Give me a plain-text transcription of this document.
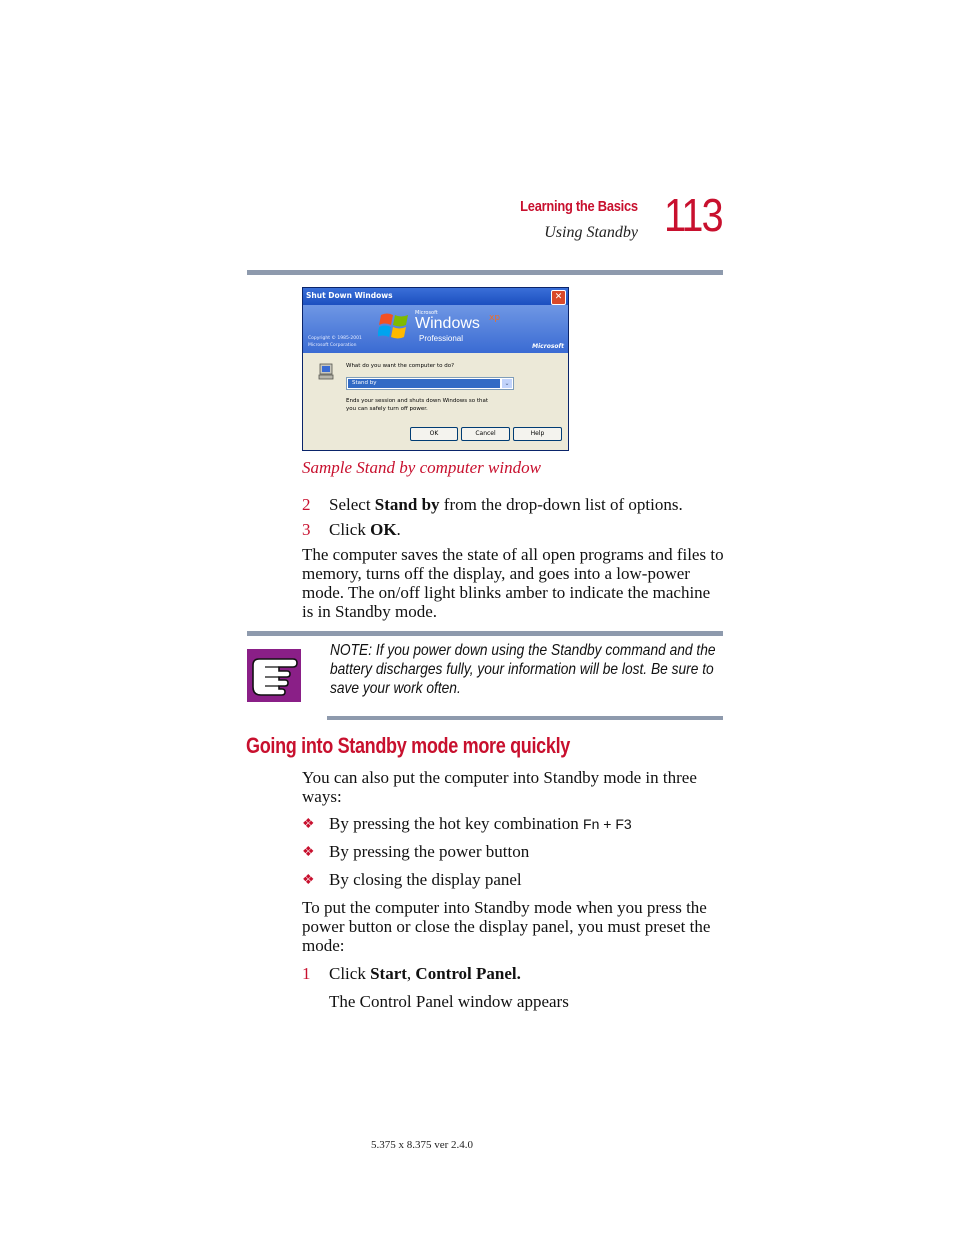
Learning the Basics
Using Standby 113
Shut Down Windows	✕
Microsoft
Windows xp
Professional
Copyright © 1985-2001
Microsoft Corporation	Microsoft
What do you want the computer to do?
Stand by	⌄
Ends your session and shuts down Windows so that
you can safely turn off power.
OK	Cancel	Help
Sample Stand by computer window
2 Select Stand by from the drop-down list of options.
3 Click OK.
The computer saves the state of all open programs and files to
memory, turns off the display, and goes into a low-power
mode. The on/off light blinks amber to indicate the machine
is in Standby mode.
NOTE: If you power down using the Standby command and the
battery discharges fully, your information will be lost. Be sure to
save your work often.
Going into Standby mode more quickly
You can also put the computer into Standby mode in three
ways:
❖ By pressing the hot key combination Fn + F3
❖ By pressing the power button
❖ By closing the display panel
To put the computer into Standby mode when you press the
power button or close the display panel, you must preset the
mode:
1 Click Start, Control Panel.
The Control Panel window appears
5.375 x 8.375 ver 2.4.0
